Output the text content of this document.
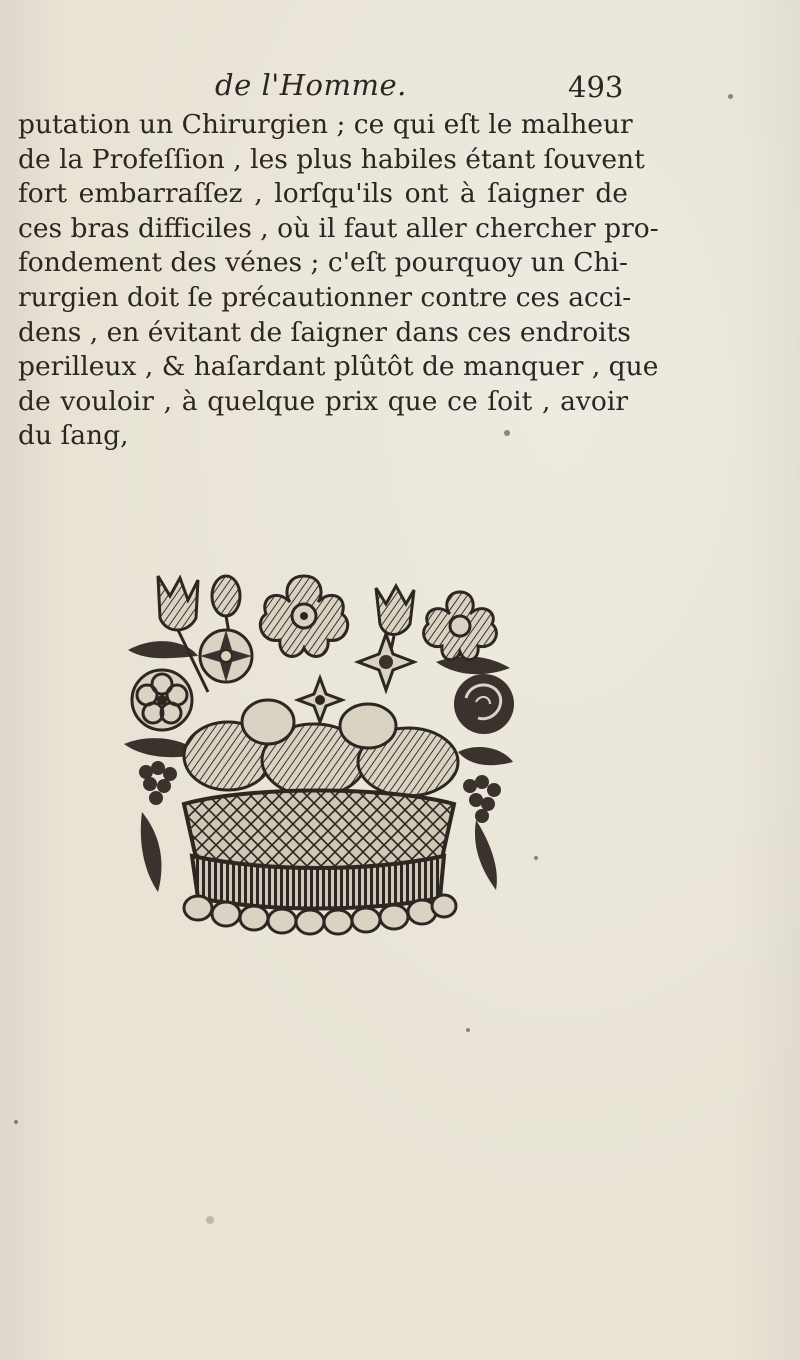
de l'Homme.	493
putation un Chirurgien ; ce qui eſt le malheur
de la Profeſſion , les plus habiles étant ſouvent
fort embarraſſez , lorſqu'ils ont à ſaigner de
ces bras difficiles , où il faut aller chercher pro-
fondement des vénes ; c'eſt pourquoy un Chi-
rurgien doit ſe précautionner contre ces acci-
dens , en évitant de ſaigner dans ces endroits
perilleux , & haſardant plûtôt de manquer , que
de vouloir , à quelque prix que ce ſoit , avoir
du ſang,
